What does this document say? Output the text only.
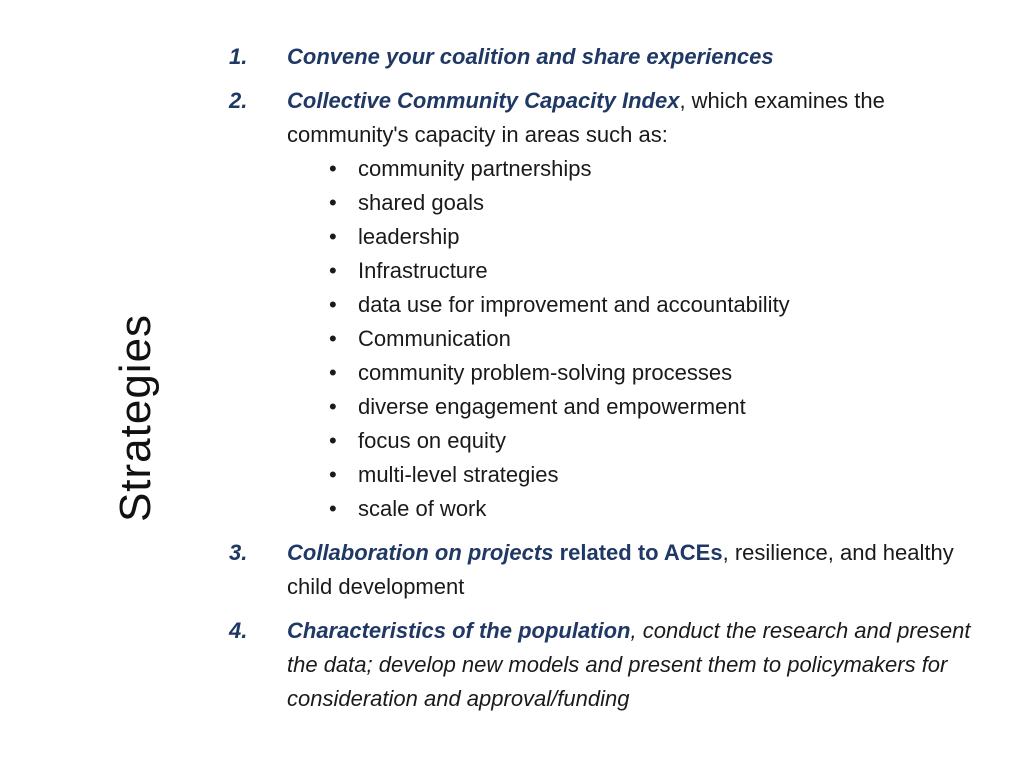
Strategies
1. Convene your coalition and share experiences
2. Collective Community Capacity Index, which examines the community's capacity in areas such as:
• community partnerships
• shared goals
• leadership
• Infrastructure
• data use for improvement and accountability
• Communication
• community problem-solving processes
• diverse engagement and empowerment
• focus on equity
• multi-level strategies
• scale of work
3. Collaboration on projects related to ACEs, resilience, and healthy child development
4. Characteristics of the population, conduct the research and present the data; develop new models and present them to policymakers for consideration and approval/funding
